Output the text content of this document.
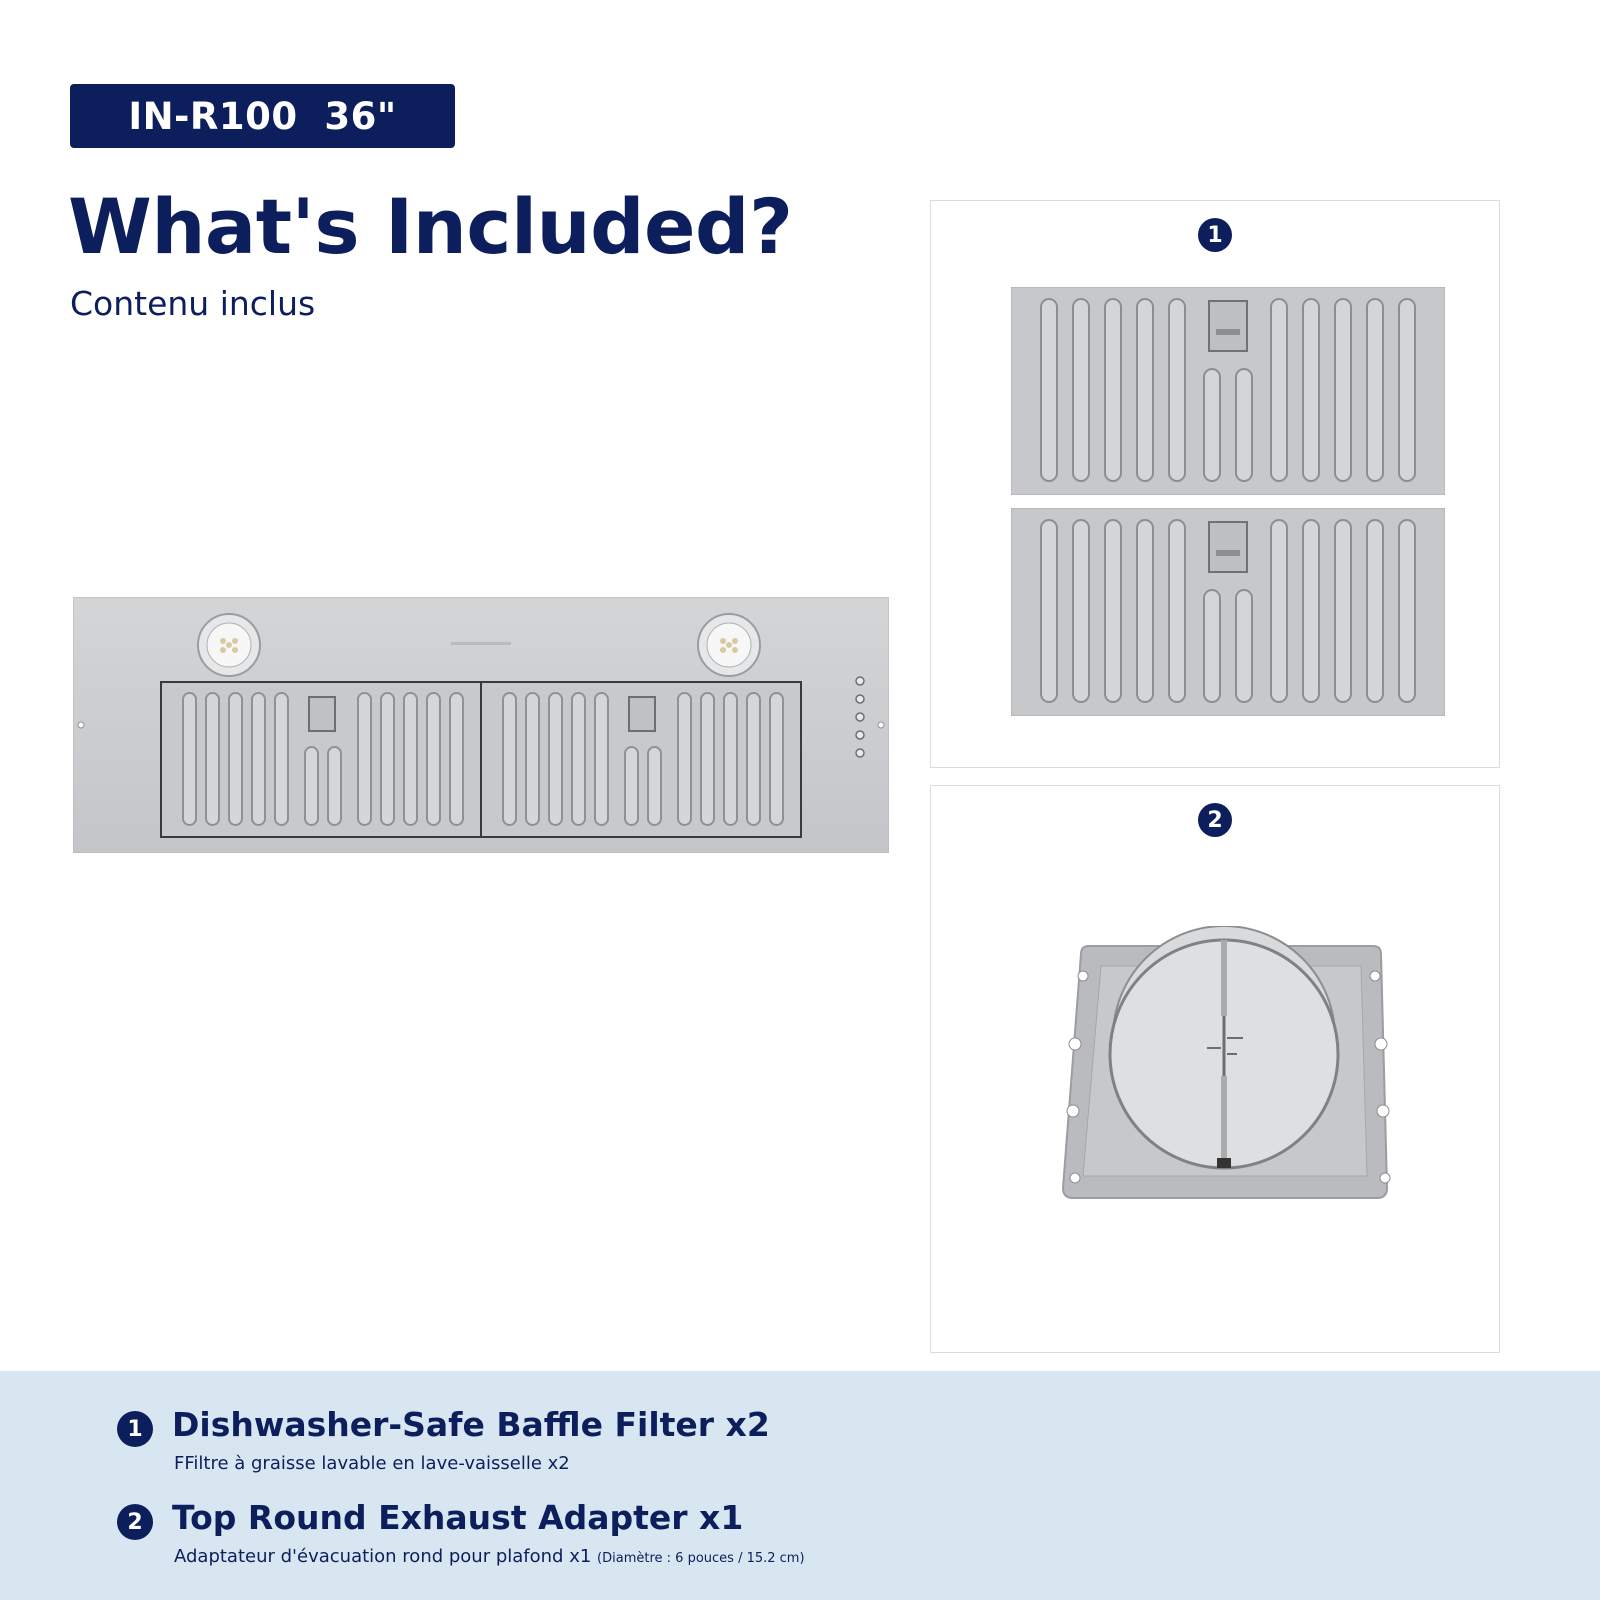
IN-R100  36"
What's Included?

Contenu inclus

1
2
1 Dishwasher-Safe Baffle Filter x2

FFiltre à graisse lavable en lave-vaisselle x2

2 Top Round Exhaust Adapter x1

Adaptateur d'évacuation rond pour plafond x1 (Diamètre : 6 pouces / 15.2 cm)
